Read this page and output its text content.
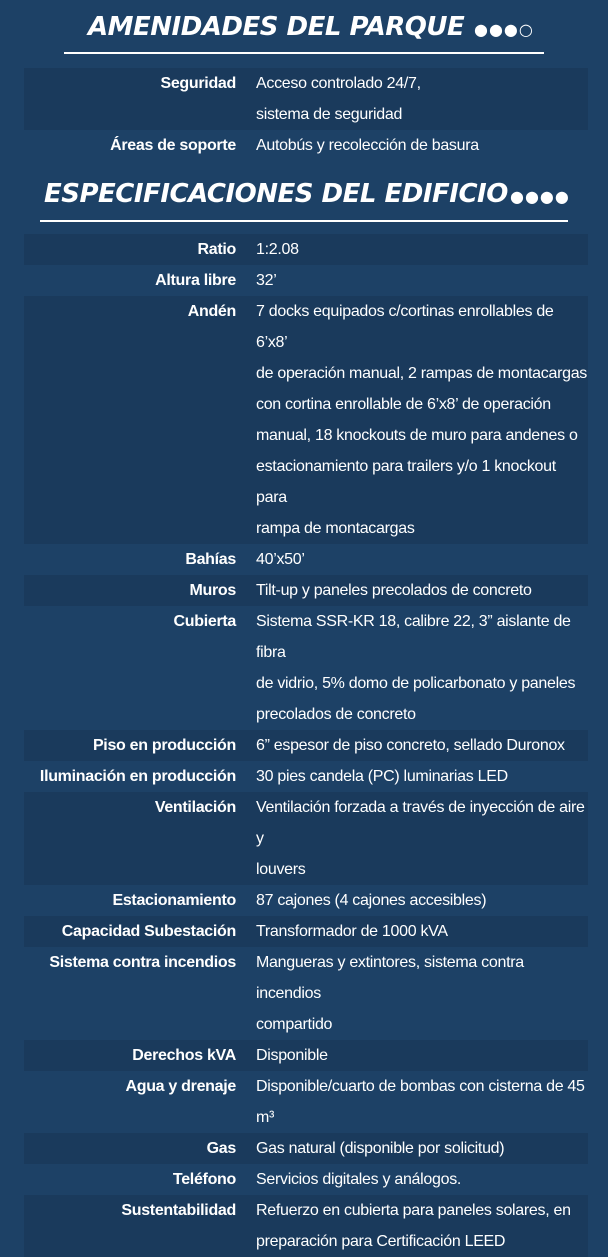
AMENIDADES DEL PARQUE ●●●○
Seguridad	Acceso controlado 24/7,
sistema de seguridad
Áreas de soporte	Autobús y recolección de basura
ESPECIFICACIONES DEL EDIFICIO ●●●●
Ratio	1:2.08
Altura libre	32’
Andén	7 docks equipados c/cortinas enrollables de 6’x8’
de operación manual, 2 rampas de montacargas
con cortina enrollable de 6’x8’ de operación
manual, 18 knockouts de muro para andenes o
estacionamiento para trailers y/o 1 knockout para
rampa de montacargas
Bahías	40’x50’
Muros	Tilt-up y paneles precolados de concreto
Cubierta	Sistema SSR-KR 18, calibre 22, 3” aislante de fibra
de vidrio, 5% domo de policarbonato y paneles
precolados de concreto
Piso en producción	6” espesor de piso concreto, sellado Duronox
Iluminación en producción	30 pies candela (PC) luminarias LED
Ventilación	Ventilación forzada a través de inyección de aire y
louvers
Estacionamiento	87 cajones (4 cajones accesibles)
Capacidad Subestación	Transformador de 1000 kVA
Sistema contra incendios	Mangueras y extintores, sistema contra incendios
compartido
Derechos kVA	Disponible
Agua y drenaje	Disponible/cuarto de bombas con cisterna de 45 m³
Gas	Gas natural (disponible por solicitud)
Teléfono	Servicios digitales y análogos.
Sustentabilidad	Refuerzo en cubierta para paneles solares, en
preparación para Certificación LEED
